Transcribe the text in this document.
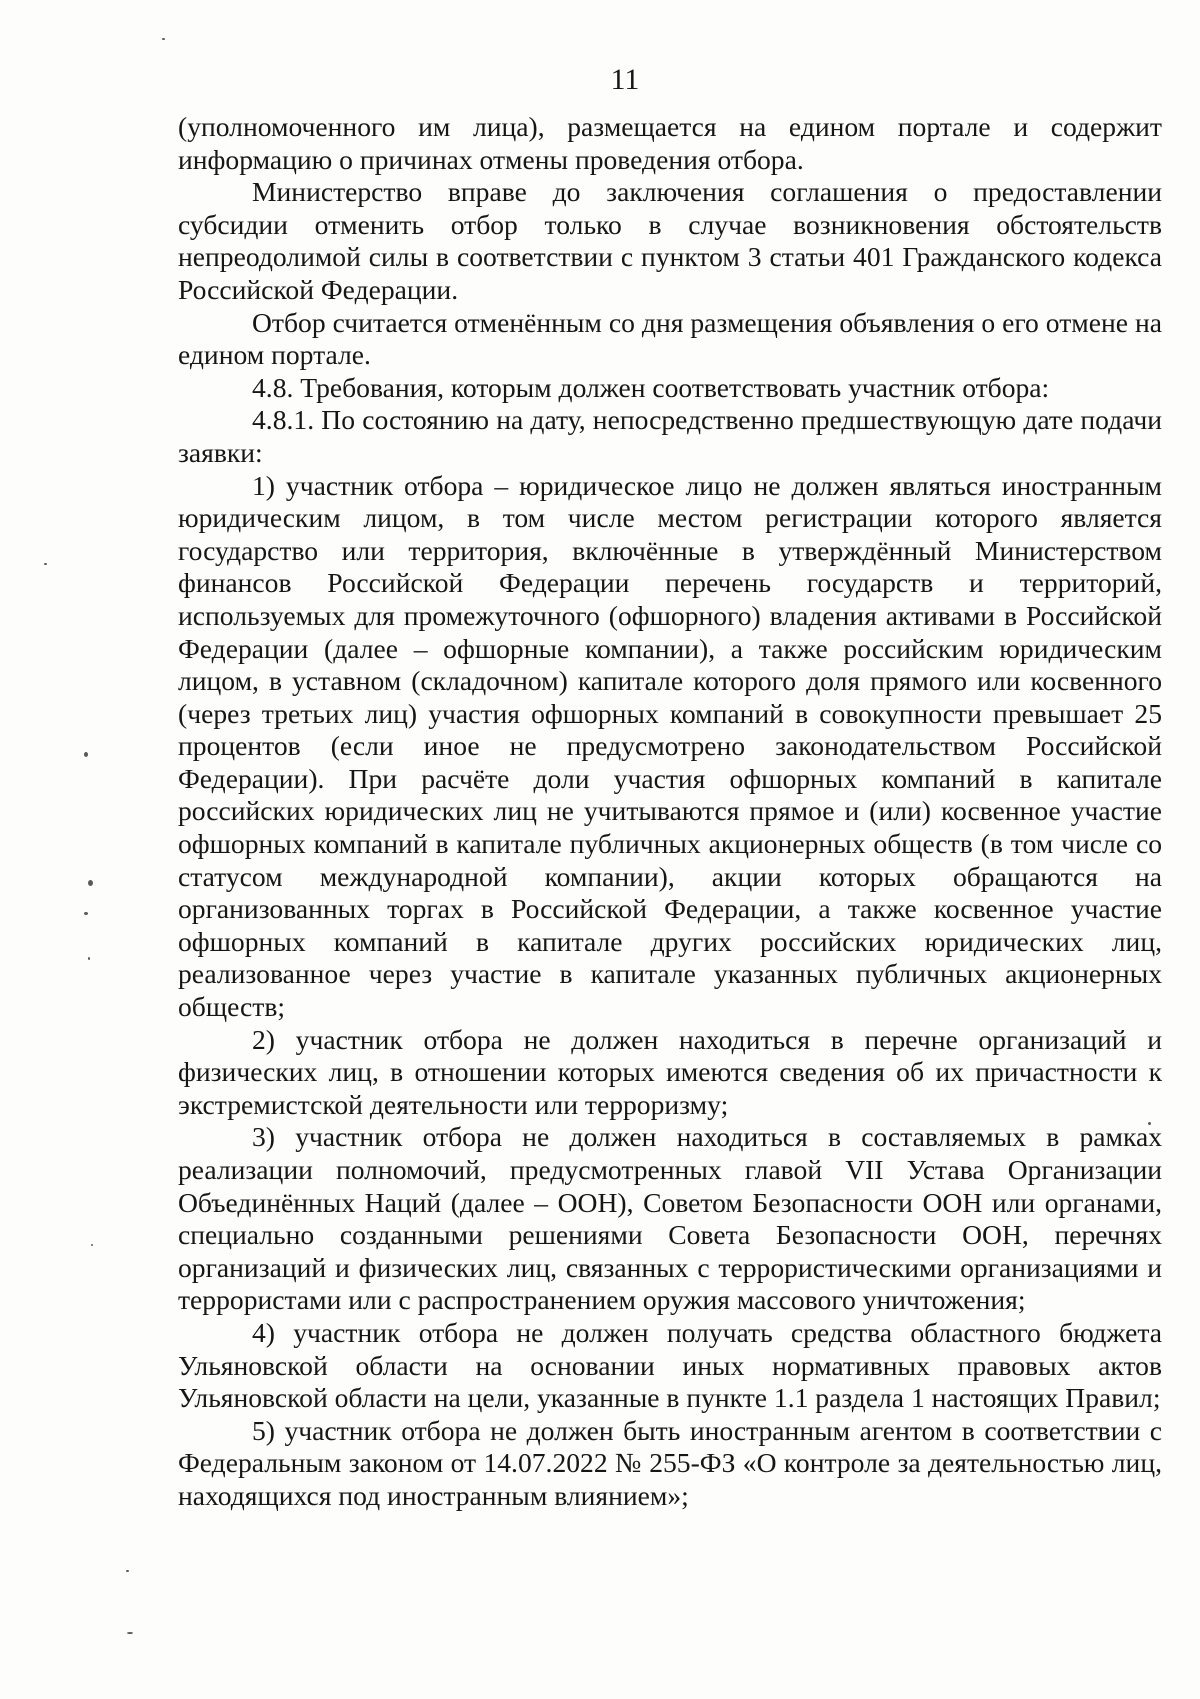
11

(уполномоченного им лица), размещается на едином портале и содержит информацию о причинах отмены проведения отбора.

Министерство вправе до заключения соглашения о предоставлении субсидии отменить отбор только в случае возникновения обстоятельств непреодолимой силы в соответствии с пунктом 3 статьи 401 Гражданского кодекса Российской Федерации.

Отбор считается отменённым со дня размещения объявления о его отмене на едином портале.

4.8. Требования, которым должен соответствовать участник отбора:

4.8.1. По состоянию на дату, непосредственно предшествующую дате подачи заявки:

1) участник отбора – юридическое лицо не должен являться иностранным юридическим лицом, в том числе местом регистрации которого является государство или территория, включённые в утверждённый Министерством финансов Российской Федерации перечень государств и территорий, используемых для промежуточного (офшорного) владения активами в Российской Федерации (далее – офшорные компании), а также российским юридическим лицом, в уставном (складочном) капитале которого доля прямого или косвенного (через третьих лиц) участия офшорных компаний в совокупности превышает 25 процентов (если иное не предусмотрено законодательством Российской Федерации). При расчёте доли участия офшорных компаний в капитале российских юридических лиц не учитываются прямое и (или) косвенное участие офшорных компаний в капитале публичных акционерных обществ (в том числе со статусом международной компании), акции которых обращаются на организованных торгах в Российской Федерации, а также косвенное участие офшорных компаний в капитале других российских юридических лиц, реализованное через участие в капитале указанных публичных акционерных обществ;

2) участник отбора не должен находиться в перечне организаций и физических лиц, в отношении которых имеются сведения об их причастности к экстремистской деятельности или терроризму;

3) участник отбора не должен находиться в составляемых в рамках реализации полномочий, предусмотренных главой VII Устава Организации Объединённых Наций (далее – ООН), Советом Безопасности ООН или органами, специально созданными решениями Совета Безопасности ООН, перечнях организаций и физических лиц, связанных с террористическими организациями и террористами или с распространением оружия массового уничтожения;

4) участник отбора не должен получать средства областного бюджета Ульяновской области на основании иных нормативных правовых актов Ульяновской области на цели, указанные в пункте 1.1 раздела 1 настоящих Правил;

5) участник отбора не должен быть иностранным агентом в соответствии с Федеральным законом от 14.07.2022 № 255-ФЗ «О контроле за деятельностью лиц, находящихся под иностранным влиянием»;
